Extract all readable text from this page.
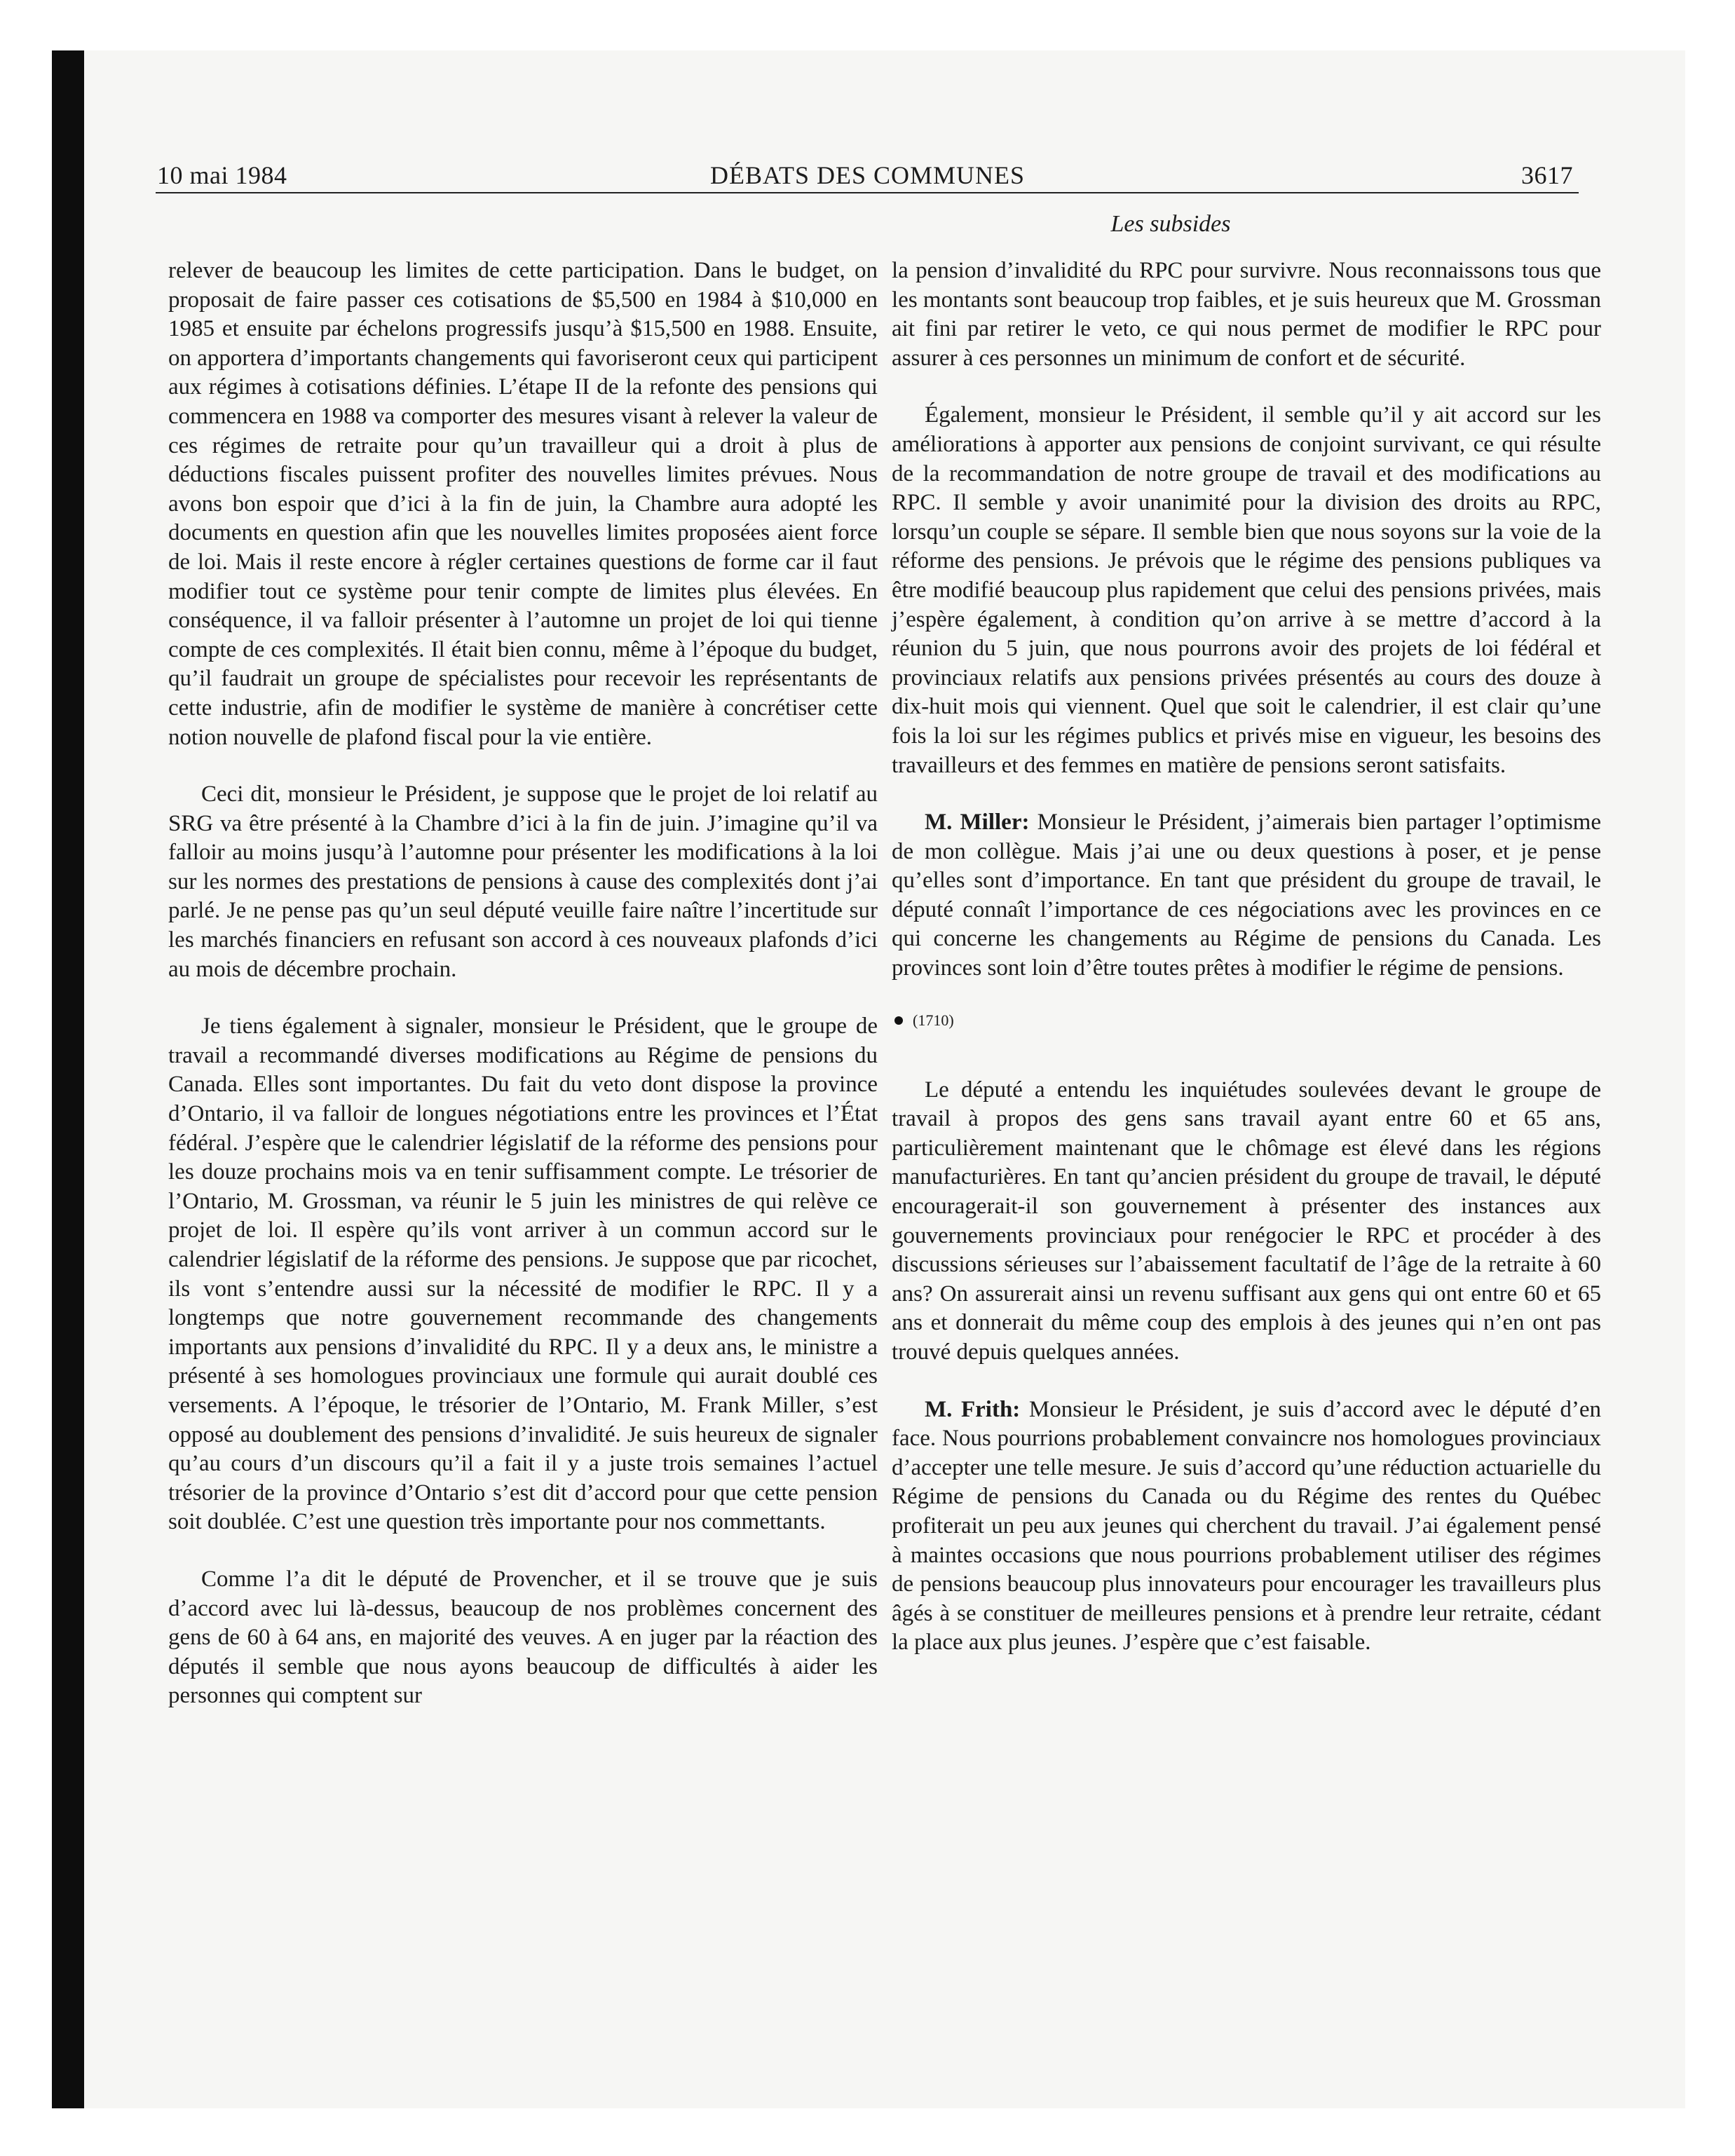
10 mai 1984	DÉBATS DES COMMUNES	3617
Les subsides

relever de beaucoup les limites de cette participation. Dans le budget, on proposait de faire passer ces cotisations de $5,500 en 1984 à $10,000 en 1985 et ensuite par échelons progressifs jusqu’à $15,500 en 1988. Ensuite, on apportera d’importants changements qui favoriseront ceux qui participent aux régimes à cotisations définies. L’étape II de la refonte des pensions qui commencera en 1988 va comporter des mesures visant à relever la valeur de ces régimes de retraite pour qu’un travailleur qui a droit à plus de déductions fiscales puissent profiter des nouvelles limites prévues. Nous avons bon espoir que d’ici à la fin de juin, la Chambre aura adopté les documents en question afin que les nouvelles limites proposées aient force de loi. Mais il reste encore à régler certaines questions de forme car il faut modifier tout ce système pour tenir compte de limites plus élevées. En conséquence, il va falloir présenter à l’automne un projet de loi qui tienne compte de ces complexités. Il était bien connu, même à l’époque du budget, qu’il faudrait un groupe de spécialistes pour recevoir les représentants de cette industrie, afin de modifier le système de manière à concrétiser cette notion nouvelle de plafond fiscal pour la vie entière.

Ceci dit, monsieur le Président, je suppose que le projet de loi relatif au SRG va être présenté à la Chambre d’ici à la fin de juin. J’imagine qu’il va falloir au moins jusqu’à l’automne pour présenter les modifications à la loi sur les normes des prestations de pensions à cause des complexités dont j’ai parlé. Je ne pense pas qu’un seul député veuille faire naître l’incertitude sur les marchés financiers en refusant son accord à ces nouveaux plafonds d’ici au mois de décembre prochain.

Je tiens également à signaler, monsieur le Président, que le groupe de travail a recommandé diverses modifications au Régime de pensions du Canada. Elles sont importantes. Du fait du veto dont dispose la province d’Ontario, il va falloir de longues négotiations entre les provinces et l’État fédéral. J’espère que le calendrier législatif de la réforme des pensions pour les douze prochains mois va en tenir suffisamment compte. Le trésorier de l’Ontario, M. Grossman, va réunir le 5 juin les ministres de qui relève ce projet de loi. Il espère qu’ils vont arriver à un commun accord sur le calendrier législatif de la réforme des pensions. Je suppose que par ricochet, ils vont s’entendre aussi sur la nécessité de modifier le RPC. Il y a longtemps que notre gouvernement recommande des changements importants aux pensions d’invalidité du RPC. Il y a deux ans, le ministre a présenté à ses homologues provinciaux une formule qui aurait doublé ces versements. A l’époque, le trésorier de l’Ontario, M. Frank Miller, s’est opposé au doublement des pensions d’invalidité. Je suis heureux de signaler qu’au cours d’un discours qu’il a fait il y a juste trois semaines l’actuel trésorier de la province d’Ontario s’est dit d’accord pour que cette pension soit doublée. C’est une question très importante pour nos commettants.

Comme l’a dit le député de Provencher, et il se trouve que je suis d’accord avec lui là-dessus, beaucoup de nos problèmes concernent des gens de 60 à 64 ans, en majorité des veuves. A en juger par la réaction des députés il semble que nous ayons beaucoup de difficultés à aider les personnes qui comptent sur

la pension d’invalidité du RPC pour survivre. Nous reconnaissons tous que les montants sont beaucoup trop faibles, et je suis heureux que M. Grossman ait fini par retirer le veto, ce qui nous permet de modifier le RPC pour assurer à ces personnes un minimum de confort et de sécurité.

Également, monsieur le Président, il semble qu’il y ait accord sur les améliorations à apporter aux pensions de conjoint survivant, ce qui résulte de la recommandation de notre groupe de travail et des modifications au RPC. Il semble y avoir unanimité pour la division des droits au RPC, lorsqu’un couple se sépare. Il semble bien que nous soyons sur la voie de la réforme des pensions. Je prévois que le régime des pensions publiques va être modifié beaucoup plus rapidement que celui des pensions privées, mais j’espère également, à condition qu’on arrive à se mettre d’accord à la réunion du 5 juin, que nous pourrons avoir des projets de loi fédéral et provinciaux relatifs aux pensions privées présentés au cours des douze à dix-huit mois qui viennent. Quel que soit le calendrier, il est clair qu’une fois la loi sur les régimes publics et privés mise en vigueur, les besoins des travailleurs et des femmes en matière de pensions seront satisfaits.

M. Miller: Monsieur le Président, j’aimerais bien partager l’optimisme de mon collègue. Mais j’ai une ou deux questions à poser, et je pense qu’elles sont d’importance. En tant que président du groupe de travail, le député connaît l’importance de ces négociations avec les provinces en ce qui concerne les changements au Régime de pensions du Canada. Les provinces sont loin d’être toutes prêtes à modifier le régime de pensions.

(1710)

Le député a entendu les inquiétudes soulevées devant le groupe de travail à propos des gens sans travail ayant entre 60 et 65 ans, particulièrement maintenant que le chômage est élevé dans les régions manufacturières. En tant qu’ancien président du groupe de travail, le député encouragerait-il son gouvernement à présenter des instances aux gouvernements provinciaux pour renégocier le RPC et procéder à des discussions sérieuses sur l’abaissement facultatif de l’âge de la retraite à 60 ans? On assurerait ainsi un revenu suffisant aux gens qui ont entre 60 et 65 ans et donnerait du même coup des emplois à des jeunes qui n’en ont pas trouvé depuis quelques années.

M. Frith: Monsieur le Président, je suis d’accord avec le député d’en face. Nous pourrions probablement convaincre nos homologues provinciaux d’accepter une telle mesure. Je suis d’accord qu’une réduction actuarielle du Régime de pensions du Canada ou du Régime des rentes du Québec profiterait un peu aux jeunes qui cherchent du travail. J’ai également pensé à maintes occasions que nous pourrions probablement utiliser des régimes de pensions beaucoup plus innovateurs pour encourager les travailleurs plus âgés à se constituer de meilleures pensions et à prendre leur retraite, cédant la place aux plus jeunes. J’espère que c’est faisable.
